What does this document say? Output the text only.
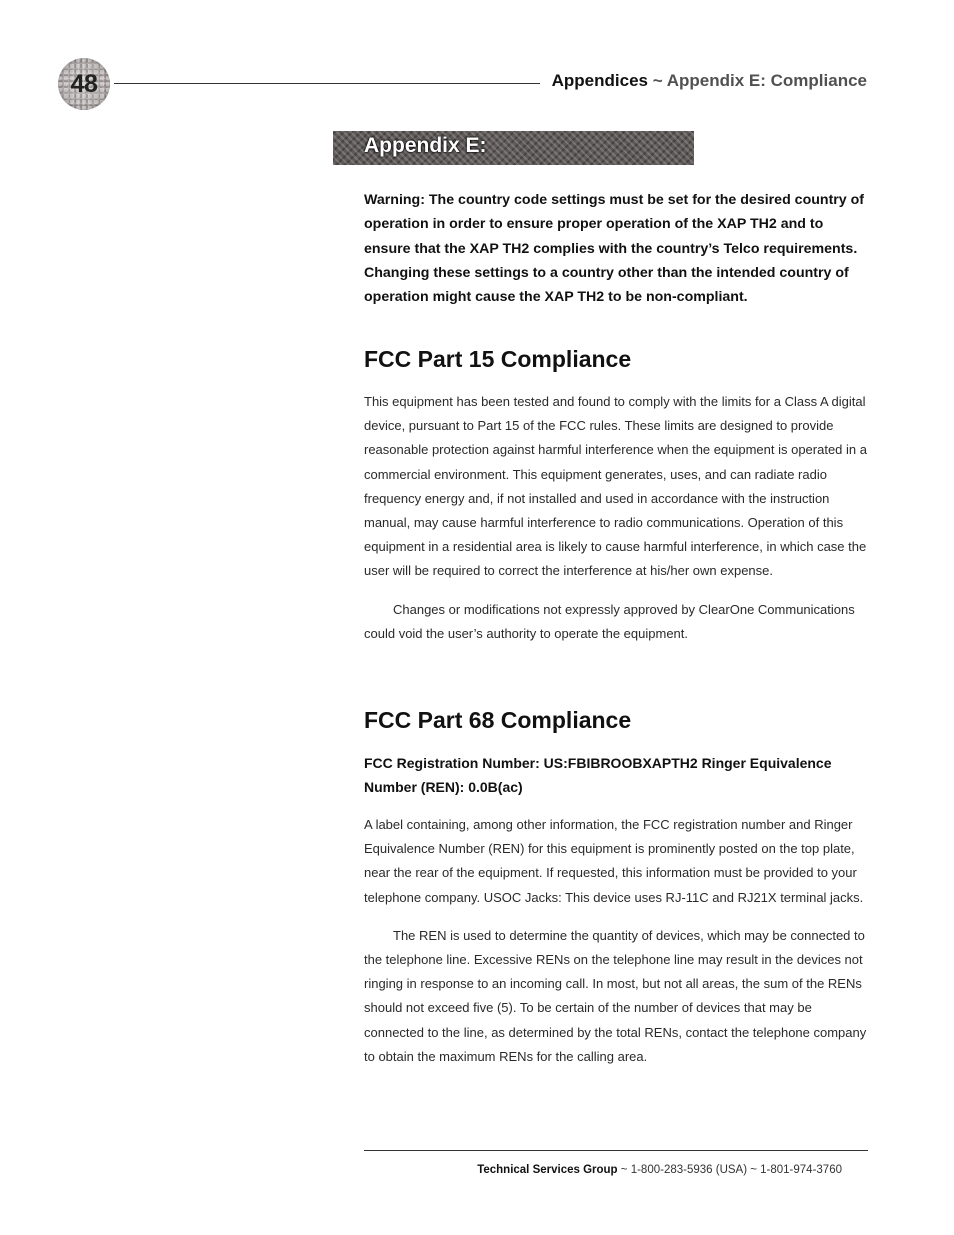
48	Appendices ~ Appendix E: Compliance
Appendix E:
Warning: The country code settings must be set for the desired country of operation in order to ensure proper operation of the XAP TH2 and to ensure that the XAP TH2 complies with the country’s Telco requirements. Changing these settings to a country other than the intended country of operation might cause the XAP TH2 to be non-compliant.
FCC Part 15 Compliance

This equipment has been tested and found to comply with the limits for a Class A digital device, pursuant to Part 15 of the FCC rules. These limits are designed to provide reasonable protection against harmful interference when the equipment is operated in a commercial environment. This equipment generates, uses, and can radiate radio frequency energy and, if not installed and used in accordance with the instruction manual, may cause harmful interference to radio communications. Operation of this equipment in a residential area is likely to cause harmful interference, in which case the user will be required to correct the interference at his/her own expense.

Changes or modifications not expressly approved by ClearOne Communications could void the user’s authority to operate the equipment.

FCC Part 68 Compliance
FCC Registration Number: US:FBIBROOBXAPTH2 Ringer Equivalence Number (REN): 0.0B(ac)

A label containing, among other information, the FCC registration number and Ringer Equivalence Number (REN) for this equipment is prominently posted on the top plate, near the rear of the equipment. If requested, this information must be provided to your telephone company. USOC Jacks: This device uses RJ-11C and RJ21X terminal jacks.

The REN is used to determine the quantity of devices, which may be connected to the telephone line. Excessive RENs on the telephone line may result in the devices not ringing in response to an incoming call. In most, but not all areas, the sum of the RENs should not exceed five (5). To be certain of the number of devices that may be connected to the line, as determined by the total RENs, contact the telephone company to obtain the maximum RENs for the calling area.

Technical Services Group ~ 1-800-283-5936 (USA) ~ 1-801-974-3760
